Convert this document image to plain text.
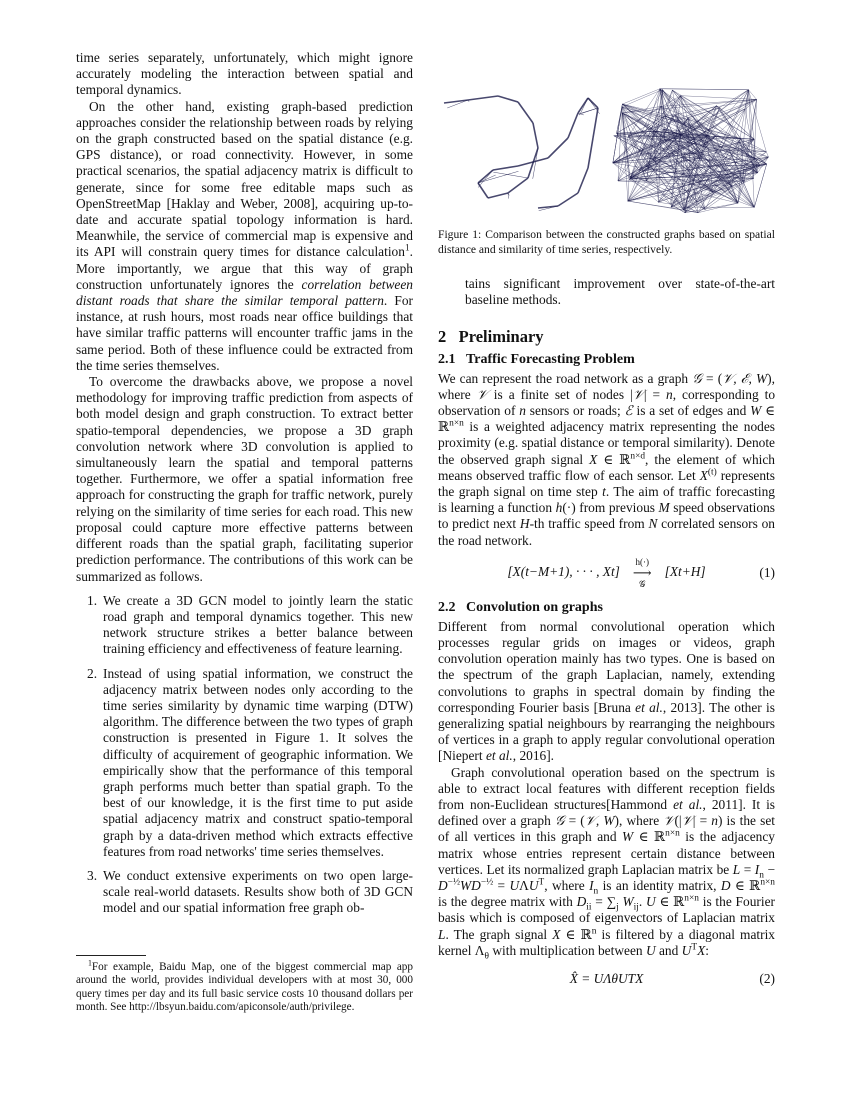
time series separately, unfortunately, which might ignore accurately modeling the interaction between spatial and temporal dynamics.

On the other hand, existing graph-based prediction approaches consider the relationship between roads by relying on the graph constructed based on the spatial distance (e.g. GPS distance), or road connectivity. However, in some practical scenarios, the spatial adjacency matrix is difficult to generate, since for some free editable maps such as OpenStreetMap [Haklay and Weber, 2008], acquiring up-to-date and accurate spatial topology information is hard. Meanwhile, the service of commercial map is expensive and its API will constrain query times for distance calculation$^1$. More importantly, we argue that this way of graph construction unfortunately ignores the correlation between distant roads that share the similar temporal pattern. For instance, at rush hours, most roads near office buildings that have similar traffic patterns will encounter traffic jams in the same period. Both of these influence could be extracted from the time series themselves.

To overcome the drawbacks above, we propose a novel methodology for improving traffic prediction from aspects of both model design and graph construction. To extract better spatio-temporal dependencies, we propose a 3D graph convolution network where 3D convolution is applied to simultaneously learn the spatial and temporal patterns together. Furthermore, we offer a spatial information free approach for constructing the graph for traffic network, purely relying on the similarity of time series for each road. This new proposal could capture more effective patterns between different roads than the spatial graph, facilitating superior prediction performance. The contributions of this work can be summarized as follows.

1. We create a 3D GCN model to jointly learn the static road graph and temporal dynamics together. This new network structure strikes a better balance between training efficiency and effectiveness of feature learning.
2. Instead of using spatial information, we construct the adjacency matrix between nodes only according to the time series similarity by dynamic time warping (DTW) algorithm. The difference between the two types of graph construction is presented in Figure 1. It solves the difficulty of acquirement of geographic information. We empirically show that the performance of this temporal graph performs much better than spatial graph. To the best of our knowledge, it is the first time to put aside spatial adjacency matrix and construct spatio-temporal graph by a data-driven method which extracts effective features from road networks' time series themselves.
3. We conduct extensive experiments on two open large-scale real-world datasets. Results show both of 3D GCN model and our spatial information free graph ob-
$^1$For example, Baidu Map, one of the biggest commercial map app around the world, provides individual developers with at most 30, 000 query times per day and its full basic service costs 10 thousand dollars per month. See http://lbsyun.baidu.com/apiconsole/auth/privilege.
Figure 1: Comparison between the constructed graphs based on spatial distance and similarity of time series, respectively.
tains significant improvement over state-of-the-art baseline methods.
2 Preliminary
2.1 Traffic Forecasting Problem

We can represent the road network as a graph 𝒢 = (𝒱, ℰ, W), where 𝒱 is a finite set of nodes |𝒱| = n, corresponding to observation of n sensors or roads; ℰ is a set of edges and W ∈ ℝ$^{n\times n}$ is a weighted adjacency matrix representing the nodes proximity (e.g. spatial distance or temporal similarity). Denote the observed graph signal X ∈ ℝ$^{n\times d}$, the element of which means observed traffic flow of each sensor. Let $X^{(t)}$ represents the graph signal on time step t. The aim of traffic forecasting is learning a function h(·) from previous M speed observations to predict next H-th traffic speed from N correlated sensors on the road network.

[X(t−M+1), · · · , Xt]
h(·)
⟶
𝒢
[Xt+H]	(1)
2.2 Convolution on graphs

Different from normal convolutional operation which processes regular grids on images or videos, graph convolution operation mainly has two types. One is based on the spectrum of the graph Laplacian, namely, extending convolutions to graphs in spectral domain by finding the corresponding Fourier basis [Bruna et al., 2013]. The other is generalizing spatial neighbours by rearranging the neighbours of vertices in a graph to apply regular convolutional operation [Niepert et al., 2016].

Graph convolutional operation based on the spectrum is able to extract local features with different reception fields from non-Euclidean structures[Hammond et al., 2011]. It is defined over a graph 𝒢 = (𝒱, W), where 𝒱(|𝒱| = n) is the set of all vertices in this graph and W ∈ ℝ$^{n\times n}$ is the adjacency matrix whose entries represent certain distance between vertices. Let its normalized graph Laplacian matrix be $L = I_n - D^{-\frac{1}{2}}WD^{-\frac{1}{2}} = U\Lambda U^T$, where $I_n$ is an identity matrix, D ∈ ℝ$^{n\times n}$ is the degree matrix with $D_{ii} = \sum_j$ $W_{ij}$. U ∈ ℝ$^{n\times n}$ is the Fourier basis which is composed of eigenvectors of Laplacian matrix L. The graph signal X ∈ ℝ$^n$ is filtered by a diagonal matrix kernel $\Lambda_\theta$ with multiplication between U and $U^TX$:

X̂ = UΛθUTX	(2)
